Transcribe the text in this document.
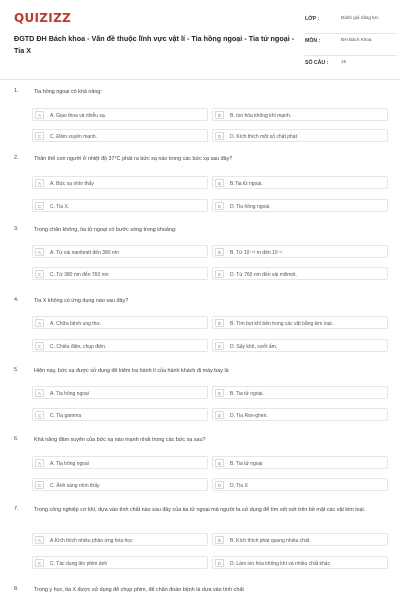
QUIZIZZ
ĐGTD ĐH Bách khoa - Vấn đề thuộc lĩnh vực vật lí - Tia hồng ngoại - Tia tử ngoại - Tia X
LỚP :	Đánh giá năng lực
MÔN :	ĐH Bách Khoa
SỐ CÂU :	15
1.	Tia hồng ngoại có khả năng:
A	A. Giao thoa và nhiễu xạ.	B	B. Ion hóa không khí mạnh.
C	C. Đâm xuyên mạnh.	D	D. Kích thích một số chất phát
2.	Thân thể con người ở nhiệt độ 37°C phát ra bức xạ nào trong các bức xạ sau đây?
A	A. Bức xạ nhìn thấy	B	B.Tia tử ngoại.
C	C. Tia X.	D	D. Tia hồng ngoại.
3.	Trong chân không, tia tử ngoại có bước sóng trong khoảng:
A	A. Từ vài nanômét đến 380 nm	B	B. Từ 10⁻¹² m đến 10⁻⁹
C	C. Từ 380 nm đến 760 nm	D	D. Từ 760 nm đến vài milimét.
4.	Tia X không có ứng dụng nào sau đây?
A	A. Chữa bệnh ung thư.	B	B. Tìm bọt khí bên trong các vật bằng kim loại.
C	C. Chiếu điện, chụp điện.	D	D. Sấy khô, sưởi ấm.
5.	Hiện nay, bức xạ được sử dụng để kiểm tra hành lí của hành khách đi máy bay là
A	A. Tia hồng ngoại	B	B. Tia tử ngoại.
C	C. Tia gamma	D	D. Tia Ron-ghen.
6.	Khả năng đâm xuyên của bức xạ nào mạnh nhất trong các bức xạ sau?
A	A. Tia hồng ngoại	B	B. Tia tử ngoại
C	C. Ánh sáng nhìn thấy	D	D. Tia X
7.	Trong công nghiệp cơ khí, dựa vào tính chất nào sau đây của tia tử ngoại mà người ta sử dụng để tìm vết nứt trên bề mặt các vật kim loại.
A	A.Kích thích nhiều phản ứng hóa học	B	B. Kích thích phát quang nhiều chất
C	C. Tác dụng lên phim ảnh	D	D. Làm ion hóa không khí và nhiều chất khác
8.	Trong y học, tia X được sử dụng để chụp phim, để chẩn đoán bệnh là dựa vào tính chất
